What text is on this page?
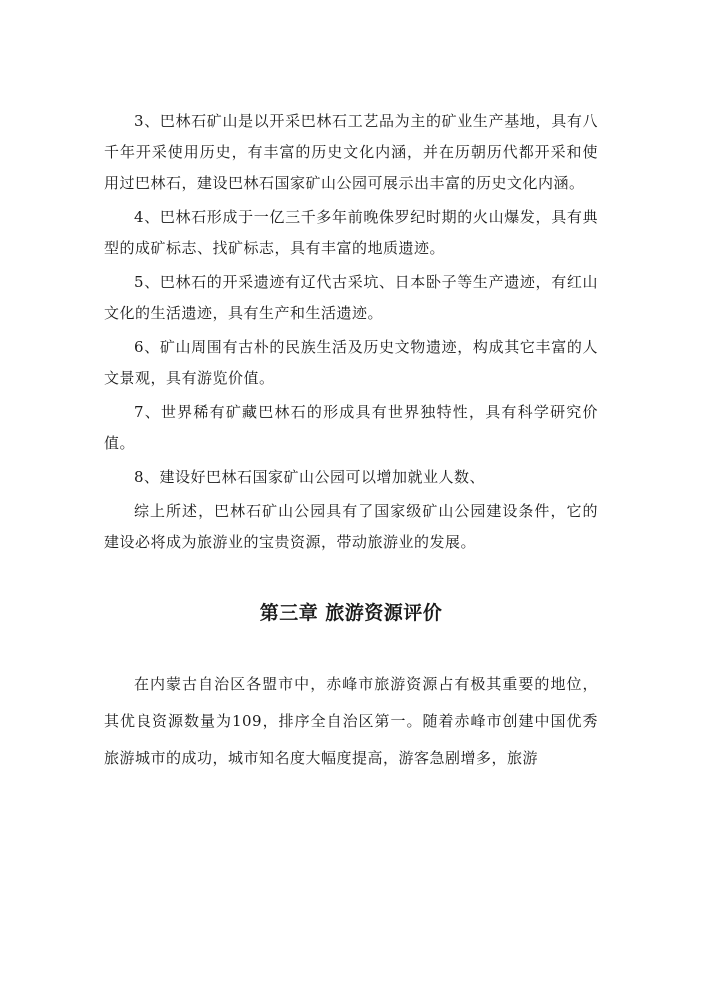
3、巴林石矿山是以开采巴林石工艺品为主的矿业生产基地，具有八千年开采使用历史，有丰富的历史文化内涵，并在历朝历代都开采和使用过巴林石，建设巴林石国家矿山公园可展示出丰富的历史文化内涵。

4、巴林石形成于一亿三千多年前晚侏罗纪时期的火山爆发，具有典型的成矿标志、找矿标志，具有丰富的地质遗迹。

5、巴林石的开采遗迹有辽代古采坑、日本卧子等生产遗迹，有红山文化的生活遗迹，具有生产和生活遗迹。

6、矿山周围有古朴的民族生活及历史文物遗迹，构成其它丰富的人文景观，具有游览价值。

7、世界稀有矿藏巴林石的形成具有世界独特性，具有科学研究价值。

8、建设好巴林石国家矿山公园可以增加就业人数、

综上所述，巴林石矿山公园具有了国家级矿山公园建设条件，它的建设必将成为旅游业的宝贵资源，带动旅游业的发展。

第三章 旅游资源评价

在内蒙古自治区各盟市中，赤峰市旅游资源占有极其重要的地位，其优良资源数量为109，排序全自治区第一。随着赤峰市创建中国优秀旅游城市的成功，城市知名度大幅度提高，游客急剧增多，旅游
